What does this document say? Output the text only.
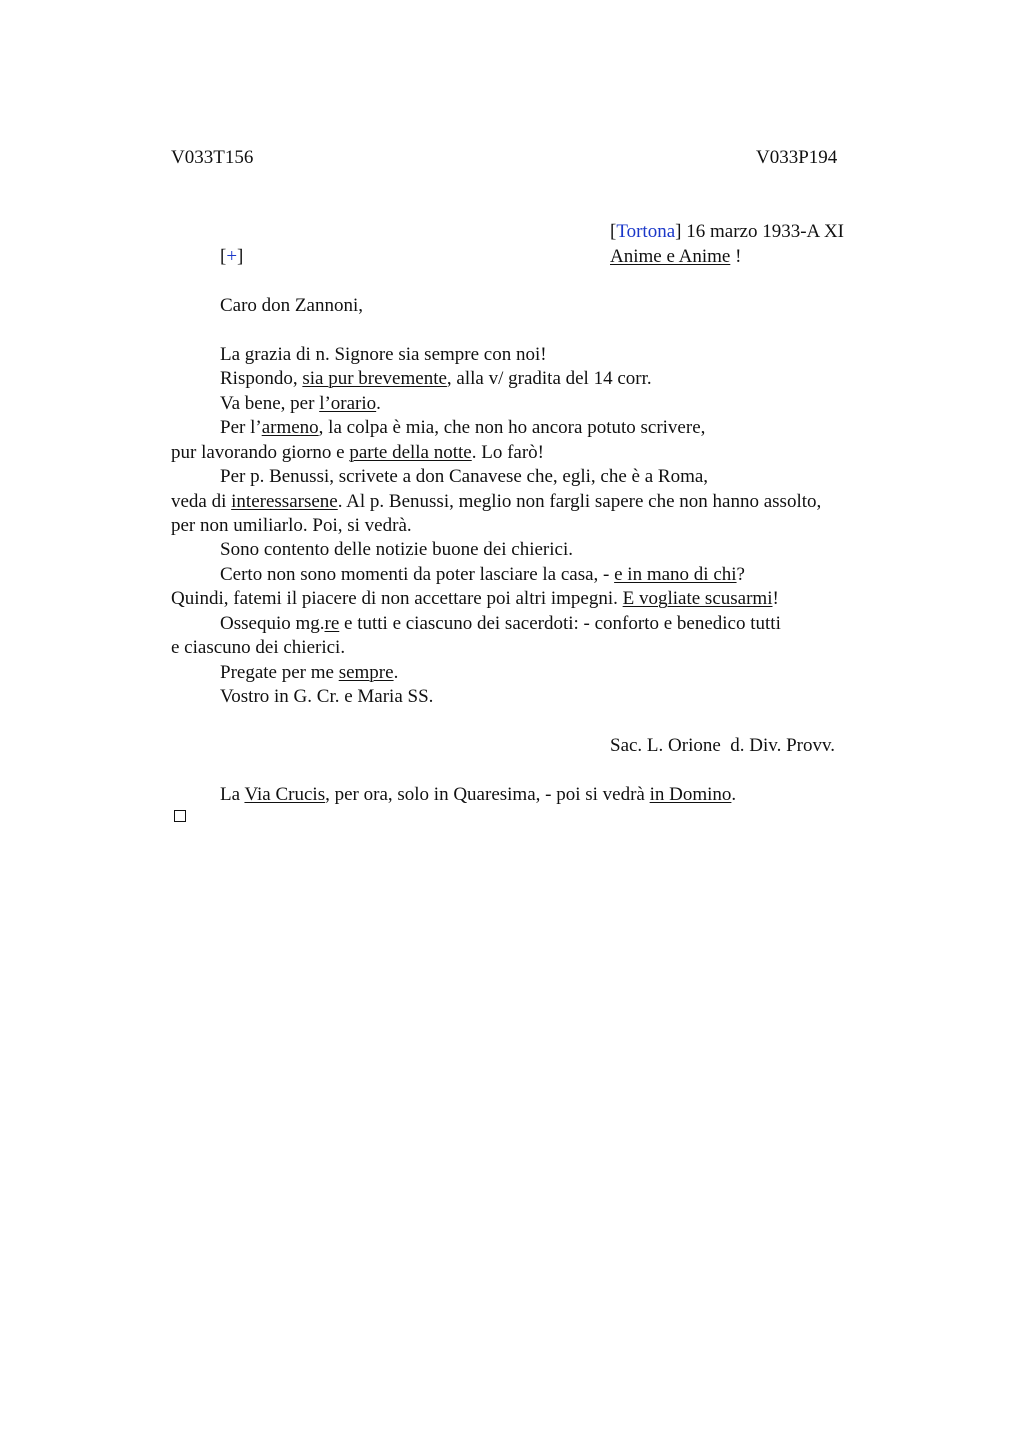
V033T156	V033P194
[Tortona] 16 marzo 1933-A XI
[+]	Anime e Anime !
Caro don Zannoni,
La grazia di n. Signore sia sempre con noi!
Rispondo, sia pur brevemente, alla v/ gradita del 14 corr.
Va bene, per l’orario.
Per l’armeno, la colpa è mia, che non ho ancora potuto scrivere,
pur lavorando giorno e parte della notte. Lo farò!
Per p. Benussi, scrivete a don Canavese che, egli, che è a Roma,
veda di interessarsene. Al p. Benussi, meglio non fargli sapere che non hanno assolto,
per non umiliarlo. Poi, si vedrà.
Sono contento delle notizie buone dei chierici.
Certo non sono momenti da poter lasciare la casa, - e in mano di chi?
Quindi, fatemi il piacere di non accettare poi altri impegni. E vogliate scusarmi!
Ossequio mg.re e tutti e ciascuno dei sacerdoti: - conforto e benedico tutti
e ciascuno dei chierici.
Pregate per me sempre.
Vostro in G. Cr. e Maria SS.
Sac. L. Orione  d. Div. Provv.
La Via Crucis, per ora, solo in Quaresima, - poi si vedrà in Domino.
